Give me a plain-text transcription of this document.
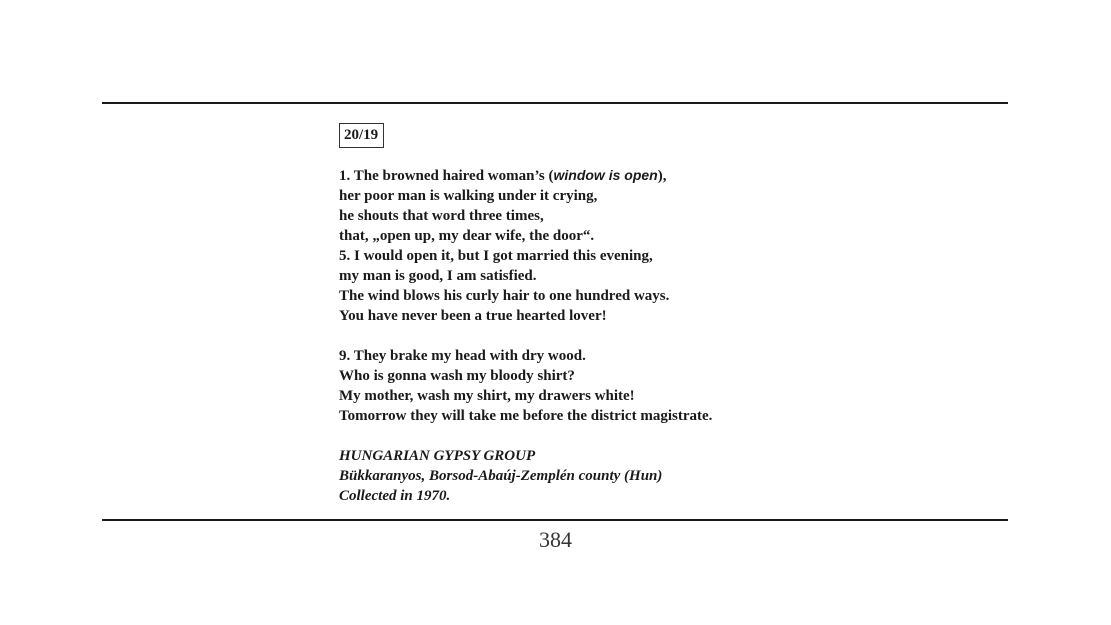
20/19
1. The browned haired woman’s (window is open),
her poor man is walking under it crying,
he shouts that word three times,
that, „open up, my dear wife, the door“.
5. I would open it, but I got married this evening,
my man is good, I am satisfied.
The wind blows his curly hair to one hundred ways.
You have never been a true hearted lover!
9. They brake my head with dry wood.
Who is gonna wash my bloody shirt?
My mother, wash my shirt, my drawers white!
Tomorrow they will take me before the district magistrate.
HUNGARIAN GYPSY GROUP
Bükkaranyos, Borsod-Abaúj-Zemplén county (Hun)
Collected in 1970.
384
